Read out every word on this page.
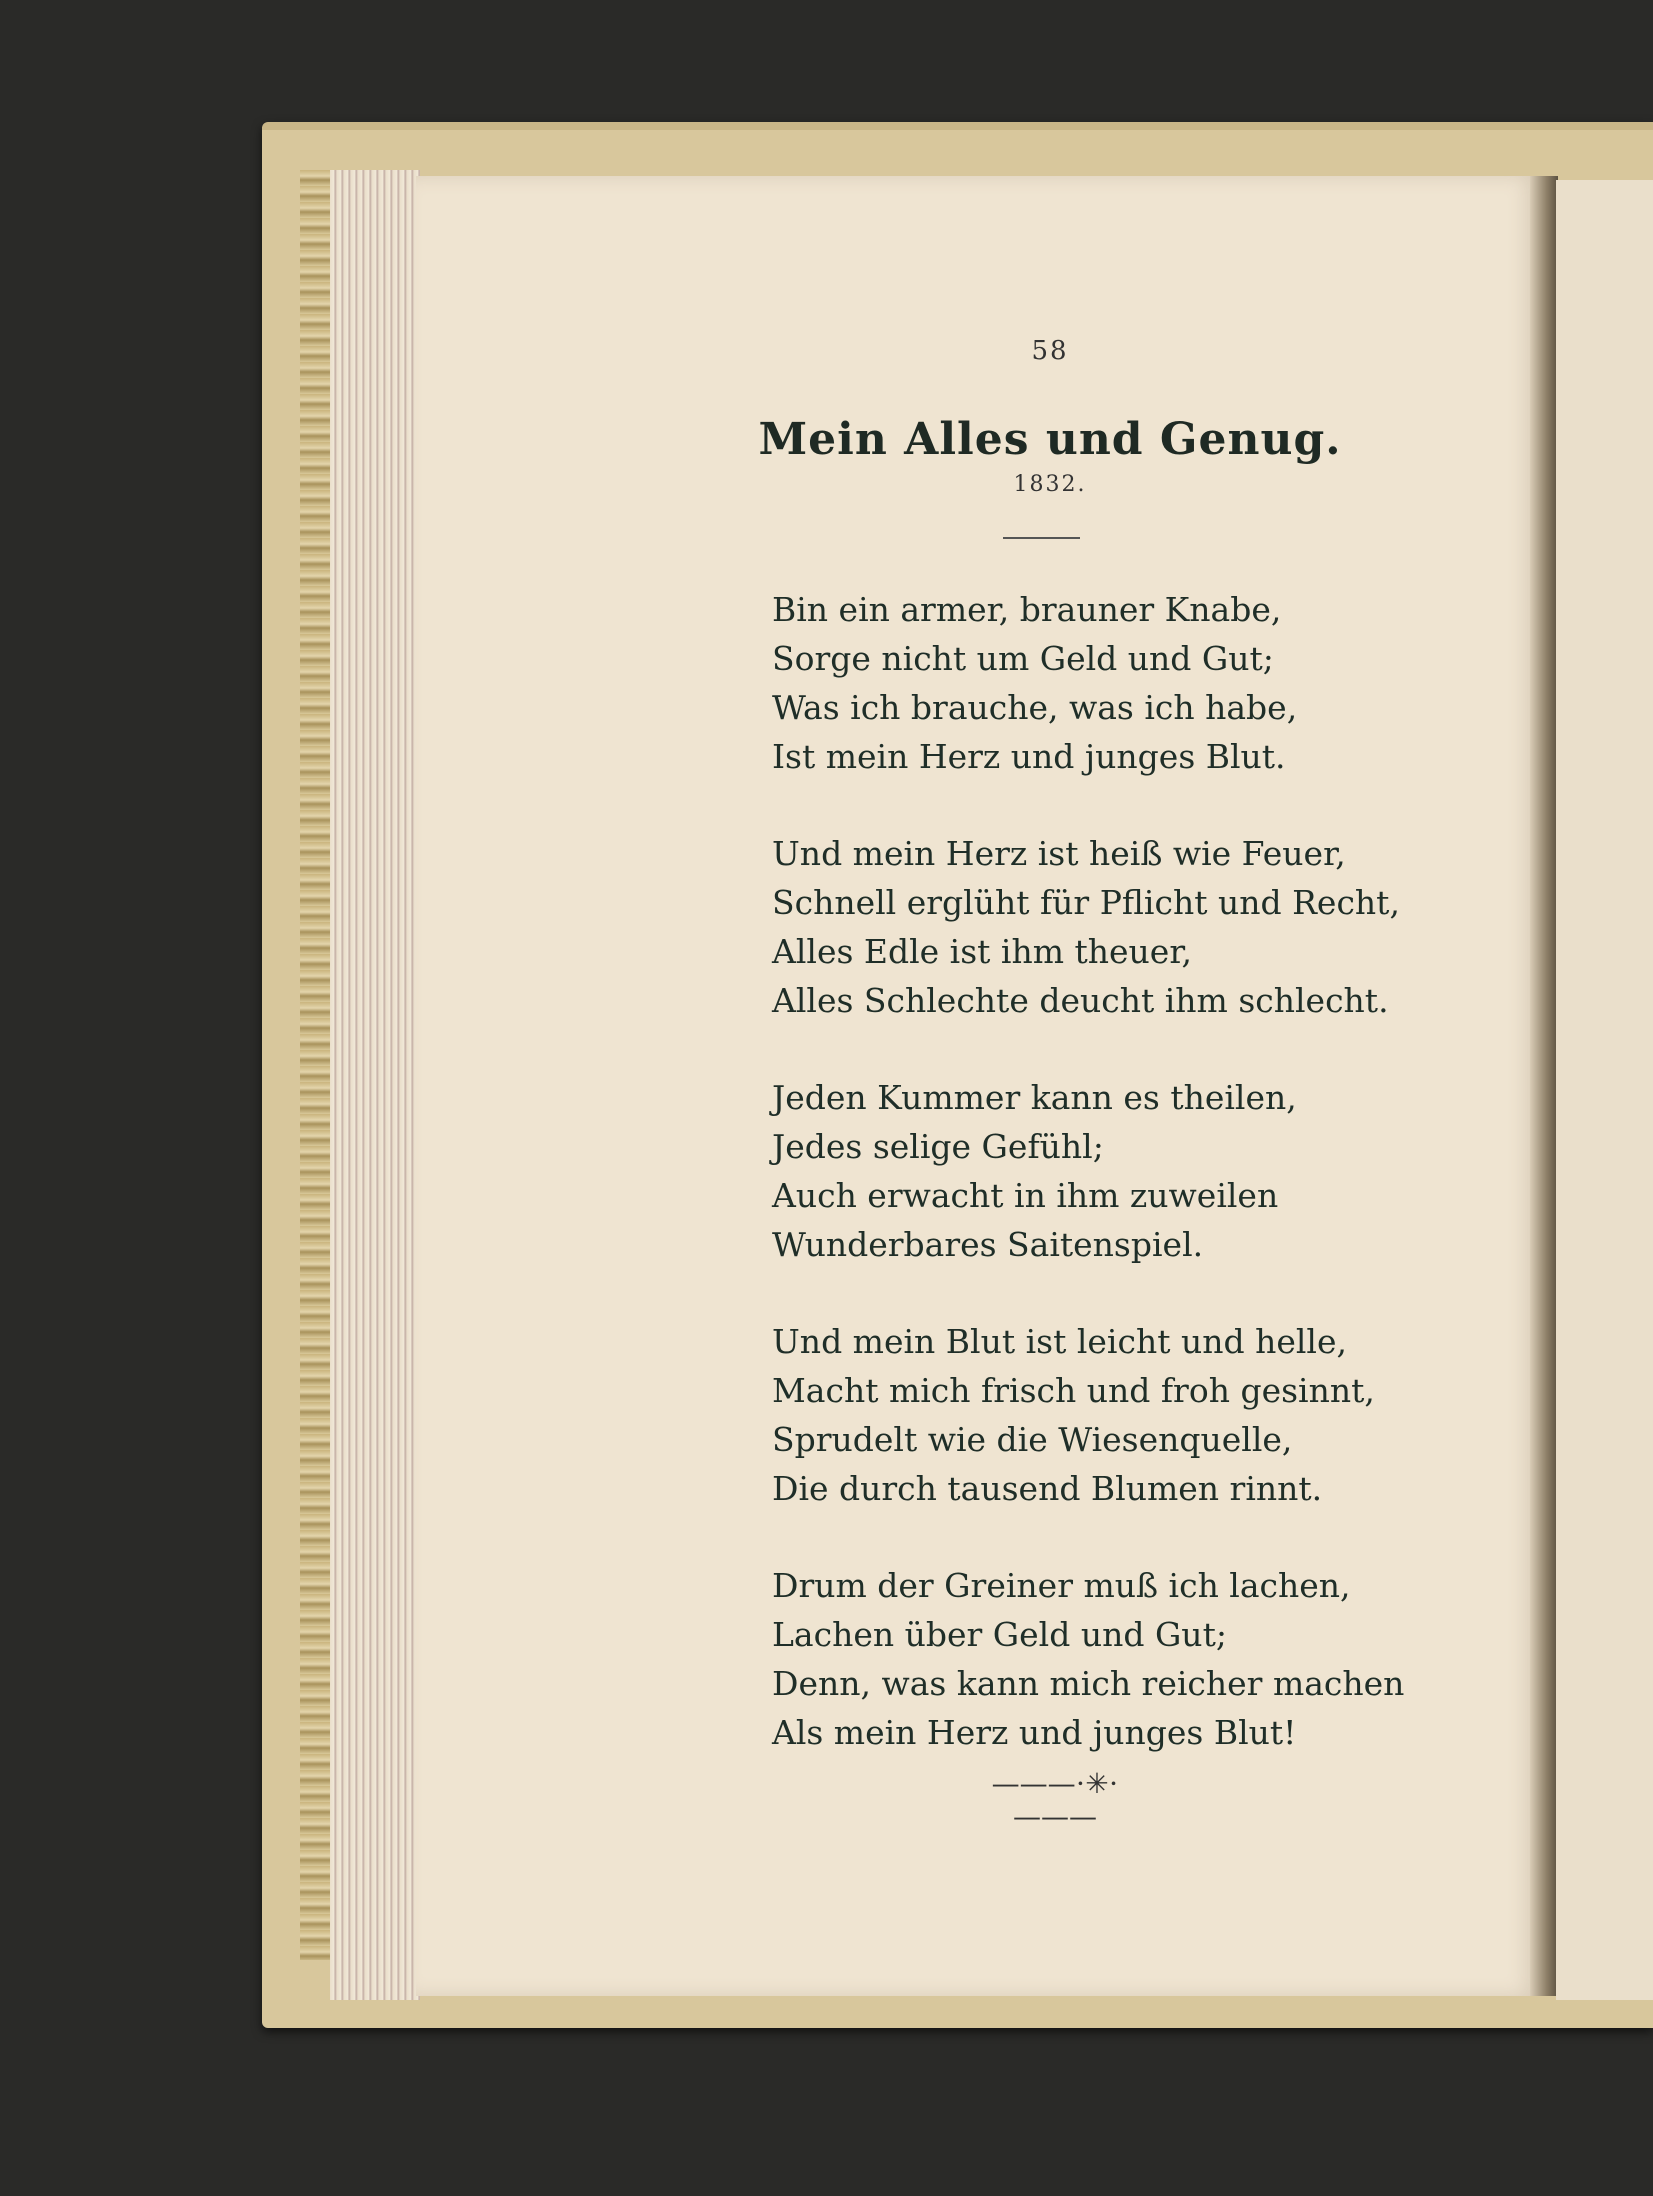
58
Mein Alles und Genug.
1832.
Bin ein armer, brauner Knabe,
Sorge nicht um Geld und Gut;
Was ich brauche, was ich habe,
Ist mein Herz und junges Blut.
Und mein Herz ist heiß wie Feuer,
Schnell erglüht für Pflicht und Recht,
Alles Edle ist ihm theuer,
Alles Schlechte deucht ihm schlecht.
Jeden Kummer kann es theilen,
Jedes selige Gefühl;
Auch erwacht in ihm zuweilen
Wunderbares Saitenspiel.
Und mein Blut ist leicht und helle,
Macht mich frisch und froh gesinnt,
Sprudelt wie die Wiesenquelle,
Die durch tausend Blumen rinnt.
Drum der Greiner muß ich lachen,
Lachen über Geld und Gut;
Denn, was kann mich reicher machen
Als mein Herz und junges Blut!
———⋅✳⋅———
